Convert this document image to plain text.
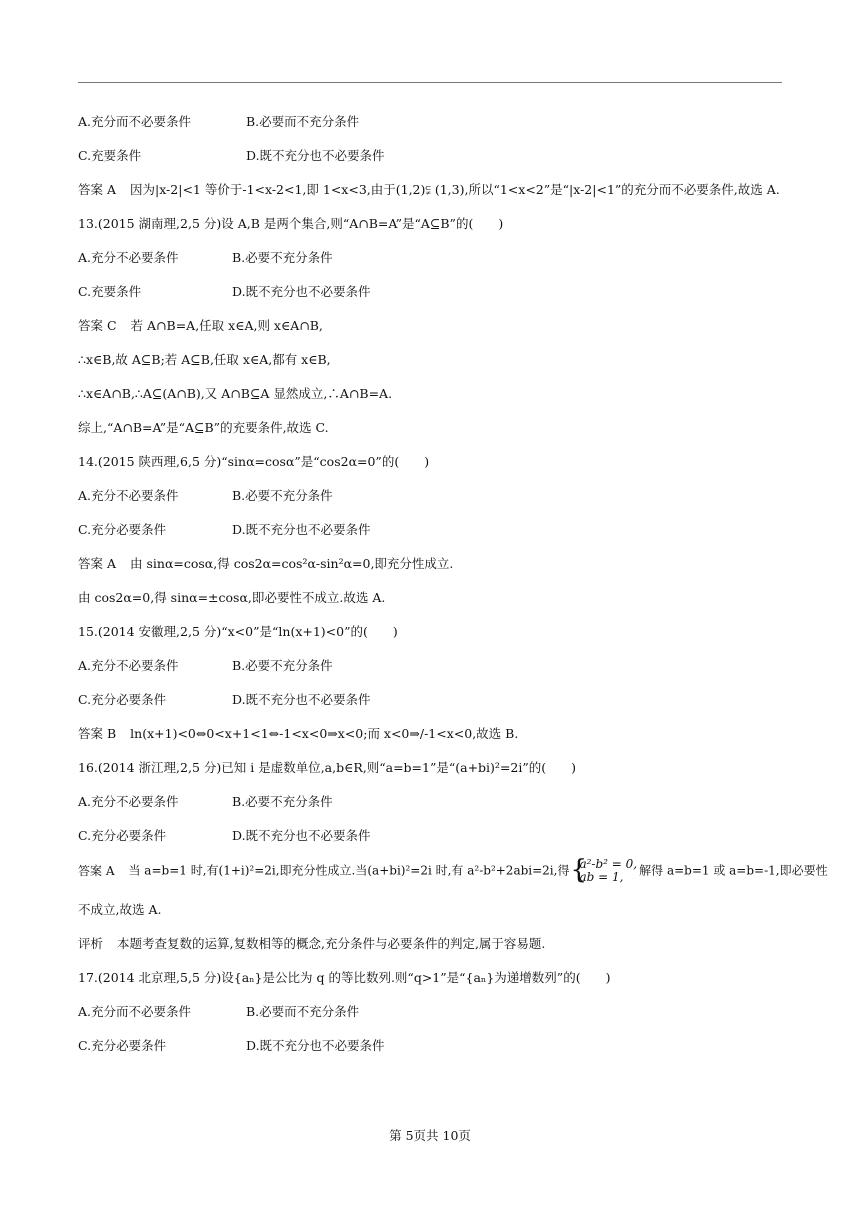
A.充分而不必要条件	B.必要而不充分条件
C.充要条件	D.既不充分也不必要条件
答案 A 因为|x-2|<1 等价于-1<x-2<1,即 1<x<3,由于(1,2)⫋ (1,3),所以“1<x<2”是“|x-2|<1”的充分而不必要条件,故选 A.
13.(2015 湖南理,2,5 分)设 A,B 是两个集合,则“A∩B=A”是“A⊆B”的(　　)
A.充分不必要条件	B.必要不充分条件
C.充要条件	D.既不充分也不必要条件
答案 C 若 A∩B=A,任取 x∈A,则 x∈A∩B,
∴x∈B,故 A⊆B;若 A⊆B,任取 x∈A,都有 x∈B,
∴x∈A∩B,∴A⊆(A∩B),又 A∩B⊆A 显然成立,∴A∩B=A.
综上,“A∩B=A”是“A⊆B”的充要条件,故选 C.
14.(2015 陕西理,6,5 分)“sinα=cosα”是“cos2α=0”的(　　)
A.充分不必要条件	B.必要不充分条件
C.充分必要条件	D.既不充分也不必要条件
答案 A 由 sinα=cosα,得 cos2α=cos²α-sin²α=0,即充分性成立.
由 cos2α=0,得 sinα=±cosα,即必要性不成立.故选 A.
15.(2014 安徽理,2,5 分)“x<0”是“ln(x+1)<0”的(　　)
A.充分不必要条件	B.必要不充分条件
C.充分必要条件	D.既不充分也不必要条件
答案 B ln(x+1)<0⇔0<x+1<1⇔-1<x<0⇒x<0;而 x<0⇒/-1<x<0,故选 B.
16.(2014 浙江理,2,5 分)已知 i 是虚数单位,a,b∈R,则“a=b=1”是“(a+bi)²=2i”的(　　)
A.充分不必要条件	B.必要不充分条件
C.充分必要条件	D.既不充分也不必要条件
答案 A 当 a=b=1 时,有(1+i)²=2i,即充分性成立.当(a+bi)²=2i 时,有 a²-b²+2abi=2i,得
{ a²-b² = 0,
ab = 1,	解得 a=b=1 或 a=b=-1,即必要性
不成立,故选 A.
评析 本题考查复数的运算,复数相等的概念,充分条件与必要条件的判定,属于容易题.
17.(2014 北京理,5,5 分)设{aₙ}是公比为 q 的等比数列.则“q>1”是“{aₙ}为递增数列”的(　　)
A.充分而不必要条件	B.必要而不充分条件
C.充分必要条件	D.既不充分也不必要条件
第 5页共 10页
